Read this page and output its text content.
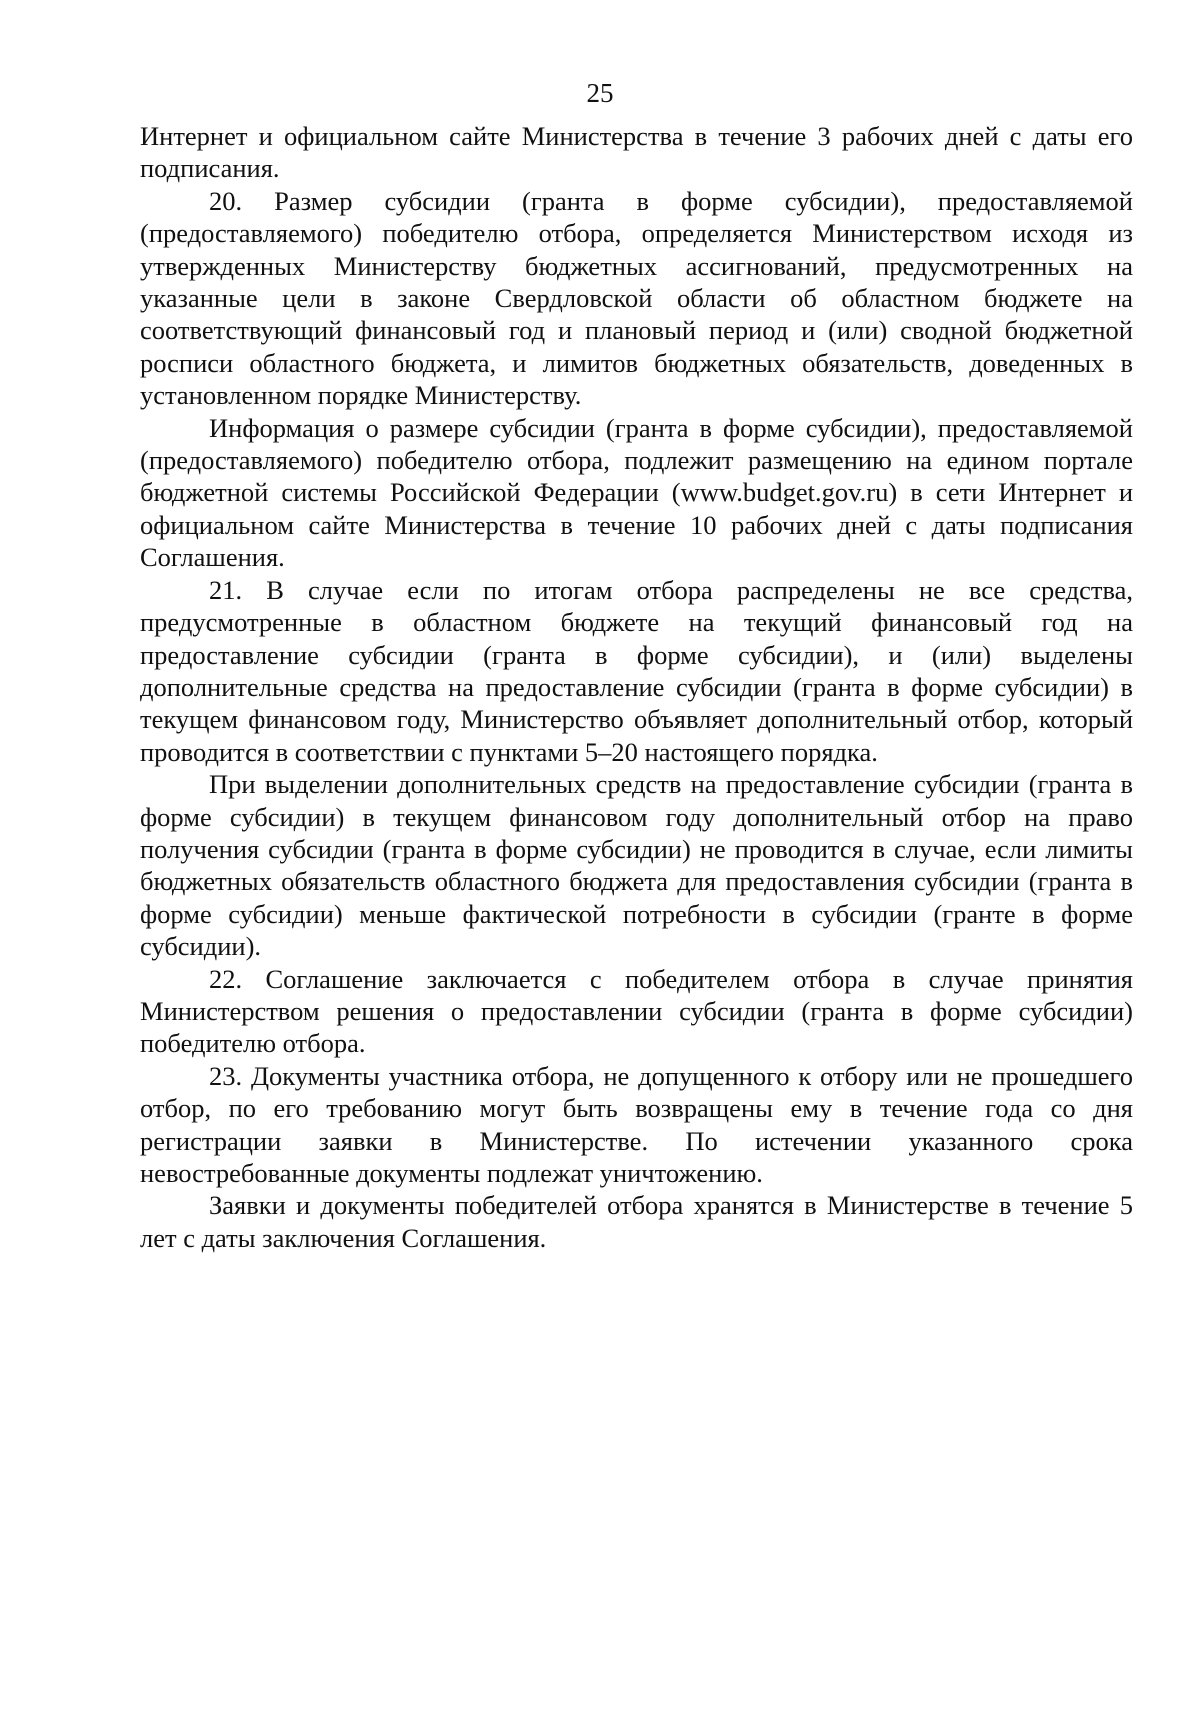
25

Интернет и официальном сайте Министерства в течение 3 рабочих дней с даты его подписания.

20. Размер субсидии (гранта в форме субсидии), предоставляемой (предоставляемого) победителю отбора, определяется Министерством исходя из утвержденных Министерству бюджетных ассигнований, предусмотренных на указанные цели в законе Свердловской области об областном бюджете на соответствующий финансовый год и плановый период и (или) сводной бюджетной росписи областного бюджета, и лимитов бюджетных обязательств, доведенных в установленном порядке Министерству.

Информация о размере субсидии (гранта в форме субсидии), предоставляемой (предоставляемого) победителю отбора, подлежит размещению на едином портале бюджетной системы Российской Федерации (www.budget.gov.ru) в сети Интернет и официальном сайте Министерства в течение 10 рабочих дней с даты подписания Соглашения.

21. В случае если по итогам отбора распределены не все средства, предусмотренные в областном бюджете на текущий финансовый год на предоставление субсидии (гранта в форме субсидии), и (или) выделены дополнительные средства на предоставление субсидии (гранта в форме субсидии) в текущем финансовом году, Министерство объявляет дополнительный отбор, который проводится в соответствии с пунктами 5–20 настоящего порядка.

При выделении дополнительных средств на предоставление субсидии (гранта в форме субсидии) в текущем финансовом году дополнительный отбор на право получения субсидии (гранта в форме субсидии) не проводится в случае, если лимиты бюджетных обязательств областного бюджета для предоставления субсидии (гранта в форме субсидии) меньше фактической потребности в субсидии (гранте в форме субсидии).

22. Соглашение заключается с победителем отбора в случае принятия Министерством решения о предоставлении субсидии (гранта в форме субсидии) победителю отбора.

23. Документы участника отбора, не допущенного к отбору или не прошедшего отбор, по его требованию могут быть возвращены ему в течение года со дня регистрации заявки в Министерстве. По истечении указанного срока невостребованные документы подлежат уничтожению.

Заявки и документы победителей отбора хранятся в Министерстве в течение 5 лет с даты заключения Соглашения.
